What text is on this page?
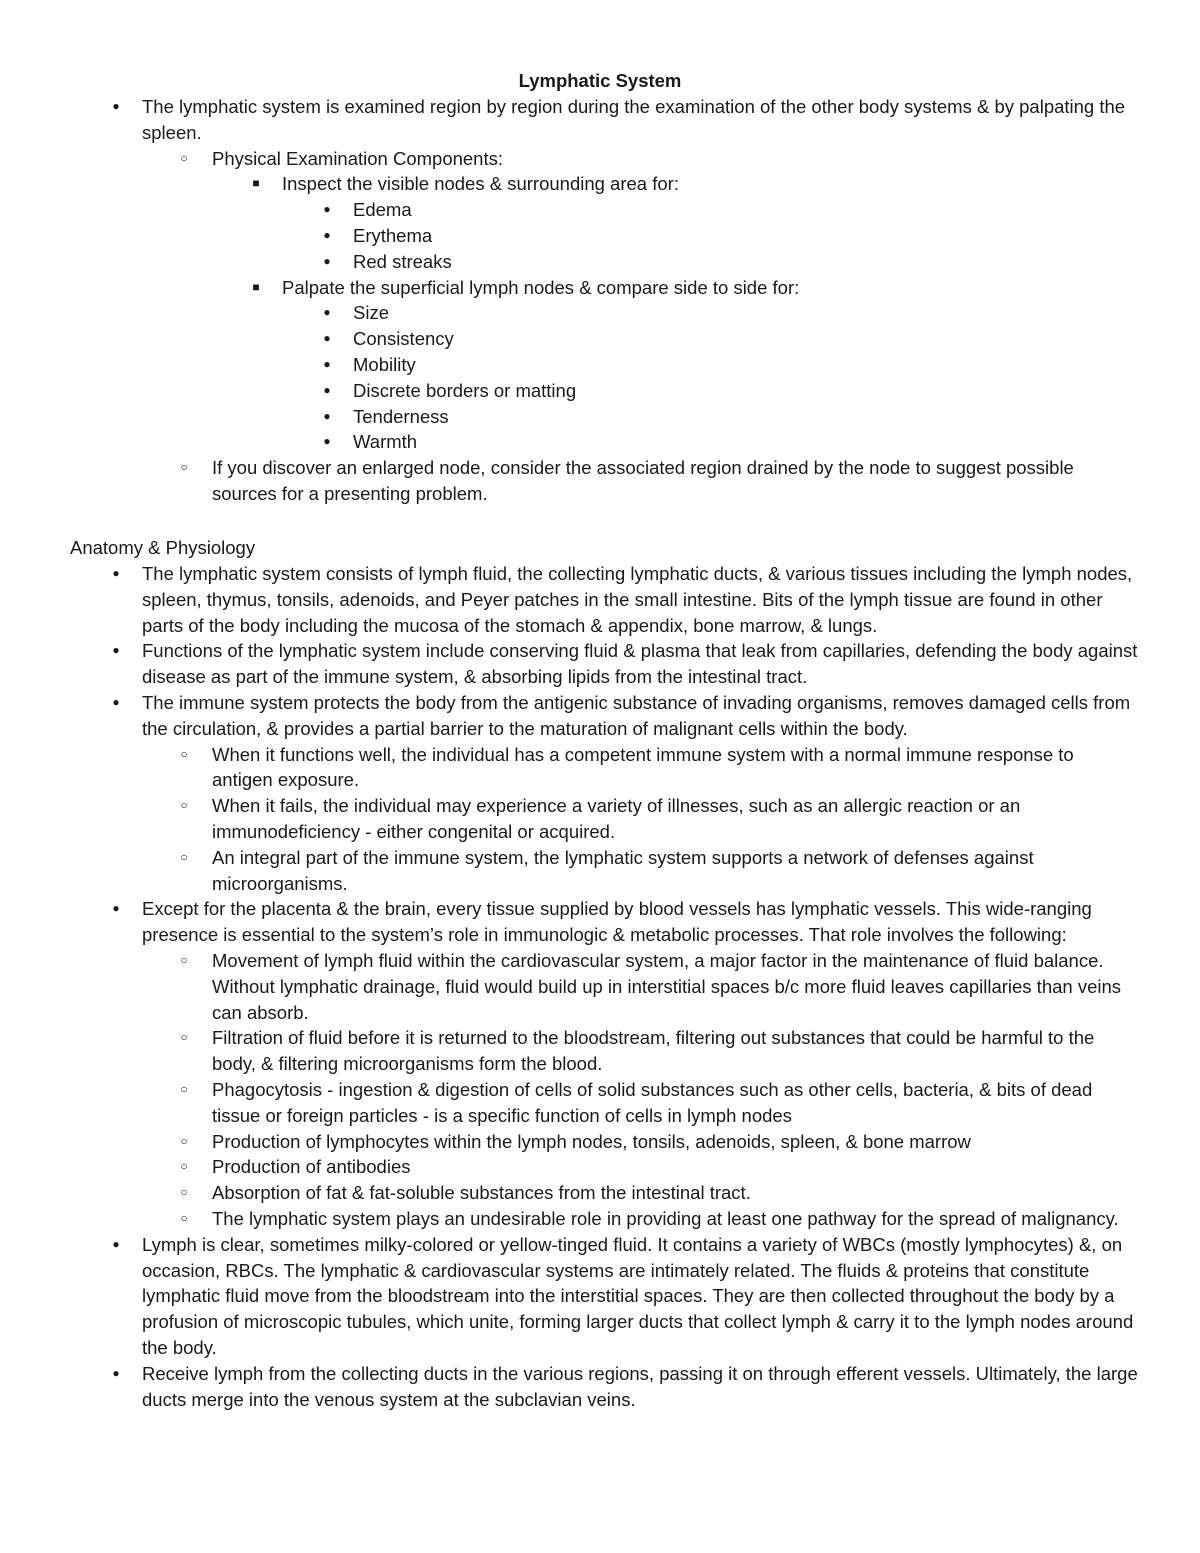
Lymphatic System
● The lymphatic system is examined region by region during the examination of the other body systems & by palpating the spleen.
○ Physical Examination Components:
■ Inspect the visible nodes & surrounding area for:
● Edema
● Erythema
● Red streaks
■ Palpate the superficial lymph nodes & compare side to side for:
● Size
● Consistency
● Mobility
● Discrete borders or matting
● Tenderness
● Warmth
○ If you discover an enlarged node, consider the associated region drained by the node to suggest possible sources for a presenting problem.
Anatomy & Physiology
● The lymphatic system consists of lymph fluid, the collecting lymphatic ducts, & various tissues including the lymph nodes, spleen, thymus, tonsils, adenoids, and Peyer patches in the small intestine. Bits of the lymph tissue are found in other parts of the body including the mucosa of the stomach & appendix, bone marrow, & lungs.
● Functions of the lymphatic system include conserving fluid & plasma that leak from capillaries, defending the body against disease as part of the immune system, & absorbing lipids from the intestinal tract.
● The immune system protects the body from the antigenic substance of invading organisms, removes damaged cells from the circulation, & provides a partial barrier to the maturation of malignant cells within the body.
○ When it functions well, the individual has a competent immune system with a normal immune response to antigen exposure.
○ When it fails, the individual may experience a variety of illnesses, such as an allergic reaction or an immunodeficiency - either congenital or acquired.
○ An integral part of the immune system, the lymphatic system supports a network of defenses against microorganisms.
● Except for the placenta & the brain, every tissue supplied by blood vessels has lymphatic vessels. This wide-ranging presence is essential to the system’s role in immunologic & metabolic processes. That role involves the following:
○ Movement of lymph fluid within the cardiovascular system, a major factor in the maintenance of fluid balance. Without lymphatic drainage, fluid would build up in interstitial spaces b/c more fluid leaves capillaries than veins can absorb.
○ Filtration of fluid before it is returned to the bloodstream, filtering out substances that could be harmful to the body, & filtering microorganisms form the blood.
○ Phagocytosis - ingestion & digestion of cells of solid substances such as other cells, bacteria, & bits of dead tissue or foreign particles - is a specific function of cells in lymph nodes
○ Production of lymphocytes within the lymph nodes, tonsils, adenoids, spleen, & bone marrow
○ Production of antibodies
○ Absorption of fat & fat-soluble substances from the intestinal tract.
○ The lymphatic system plays an undesirable role in providing at least one pathway for the spread of malignancy.
● Lymph is clear, sometimes milky-colored or yellow-tinged fluid. It contains a variety of WBCs (mostly lymphocytes) &, on occasion, RBCs. The lymphatic & cardiovascular systems are intimately related. The fluids & proteins that constitute lymphatic fluid move from the bloodstream into the interstitial spaces. They are then collected throughout the body by a profusion of microscopic tubules, which unite, forming larger ducts that collect lymph & carry it to the lymph nodes around the body.
● Receive lymph from the collecting ducts in the various regions, passing it on through efferent vessels. Ultimately, the large ducts merge into the venous system at the subclavian veins.
